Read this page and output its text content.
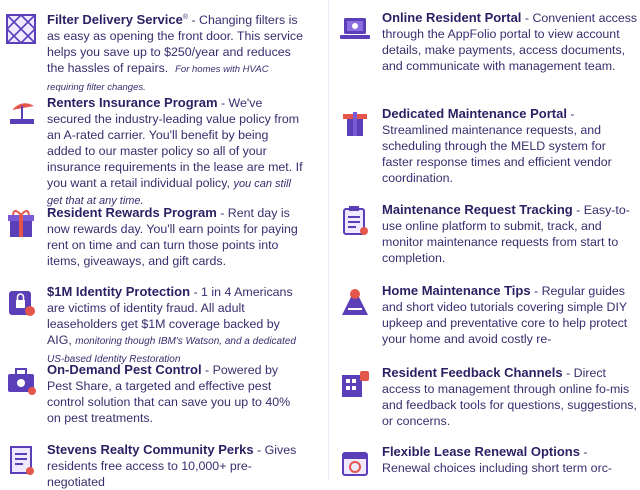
Filter Delivery Service® - Changing filters is as easy as opening the front door. This service helps you save up to $250/year and reduces the hassles of repairs. For homes with HVAC requiring filter changes.
Renters Insurance Program - We've secured the industry-leading value policy from an A-rated carrier. You'll benefit by being added to our master policy so all of your insurance requirements in the lease are met. If you want a retail individual policy, you can still get that at any time.
Resident Rewards Program - Rent day is now rewards day. You'll earn points for paying rent on time and can turn those points into items, giveaways, and gift cards.
$1M Identity Protection - 1 in 4 Americans are victims of identity fraud. All adult leaseholders get $1M coverage backed by AIG, monitoring though IBM's Watson, and a dedicated US-based Identity Restoration
On-Demand Pest Control - Powered by Pest Share, a targeted and effective pest control solution that can save you up to 40% on pest treatments.
Stevens Realty Community Perks - Gives residents free access to 10,000+ pre-negotiated
Online Resident Portal - Convenient access through the AppFolio portal to view account details, make payments, access documents, and communicate with management team.
Dedicated Maintenance Portal - Streamlined maintenance requests, and scheduling through the MELD system for faster response times and efficient vendor coordination.
Maintenance Request Tracking - Easy-to-use online platform to submit, track, and monitor maintenance requests from start to completion.
Home Maintenance Tips - Regular guides and short video tutorials covering simple DIY upkeep and preventative core to help protect your home and avoid costly re-
Resident Feedback Channels - Direct access to management through online fo-mis and feedback tools for questions, suggestions, or concerns.
Flexible Lease Renewal Options - Renewal choices including short term orc-
